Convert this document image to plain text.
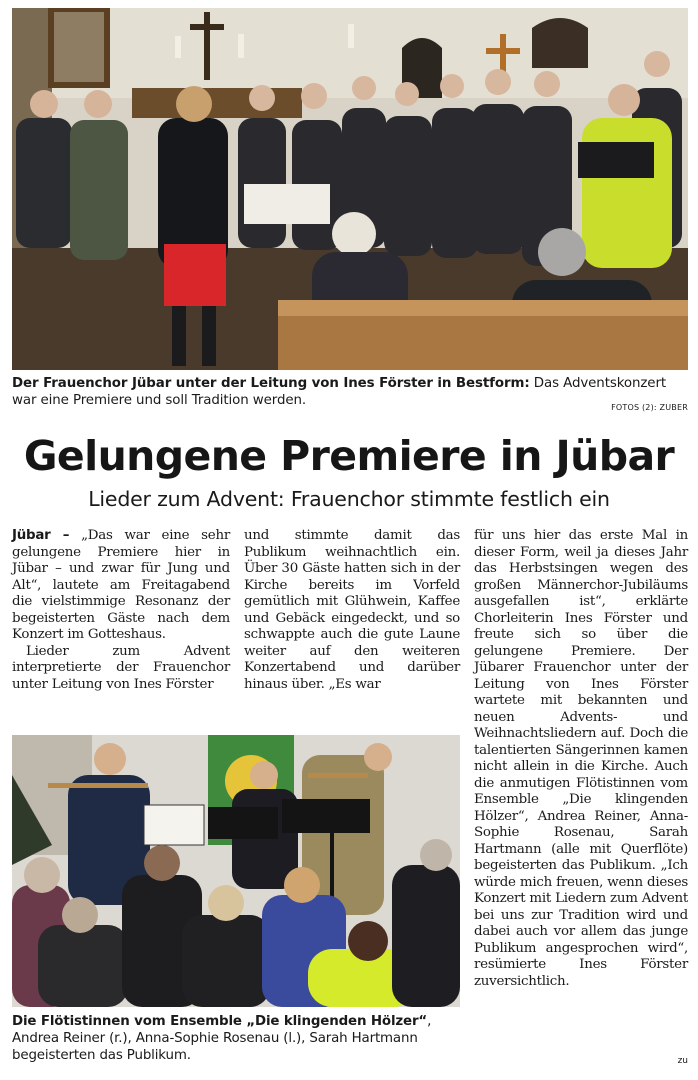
Der Frauenchor Jübar unter der Leitung von Ines Förster in Bestform: Das Adventskonzert war eine Premiere und soll Tradition werden.	FOTOS (2): ZUBER
Gelungene Premiere in Jübar
Lieder zum Advent: Frauenchor stimmte festlich ein

Jübar – „Das war eine sehr gelungene Premiere hier in Jübar – und zwar für Jung und Alt“, lautete am Freitagabend die vielstimmige Resonanz der begeisterten Gäste nach dem Konzert im Gotteshaus.

Lieder zum Advent interpretierte der Frauenchor unter Leitung von Ines Förster

und stimmte damit das Publikum weihnachtlich ein. Über 30 Gäste hatten sich in der Kirche bereits im Vorfeld gemütlich mit Glühwein, Kaffee und Gebäck eingedeckt, und so schwappte auch die gute Laune weiter auf den weiteren Konzertabend und darüber hinaus über. „Es war

für uns hier das erste Mal in dieser Form, weil ja dieses Jahr das Herbstsingen wegen des großen Männerchor-Jubiläums ausgefallen ist“, erklärte Chorleiterin Ines Förster und freute sich so über die gelungene Premiere. Der Jübarer Frauenchor unter der Leitung von Ines Förster wartete mit bekannten und neuen Advents- und Weihnachtsliedern auf. Doch die talentierten Sängerinnen kamen nicht allein in die Kirche. Auch die anmutigen Flötistinnen vom Ensemble „Die klingenden Hölzer“, Andrea Reiner, Anna-Sophie Rosenau, Sarah Hartmann (alle mit Querflöte) begeisterten das Publikum. „Ich würde mich freuen, wenn dieses Konzert mit Liedern zum Advent bei uns zur Tradition wird und dabei auch vor allem das junge Publikum angesprochen wird“, resümierte Ines Förster zuversichtlich.

Die Flötistinnen vom Ensemble „Die klingenden Hölzer“, Andrea Reiner (r.), Anna-Sophie Rosenau (l.), Sarah Hartmann begeisterten das Publikum.	zu
